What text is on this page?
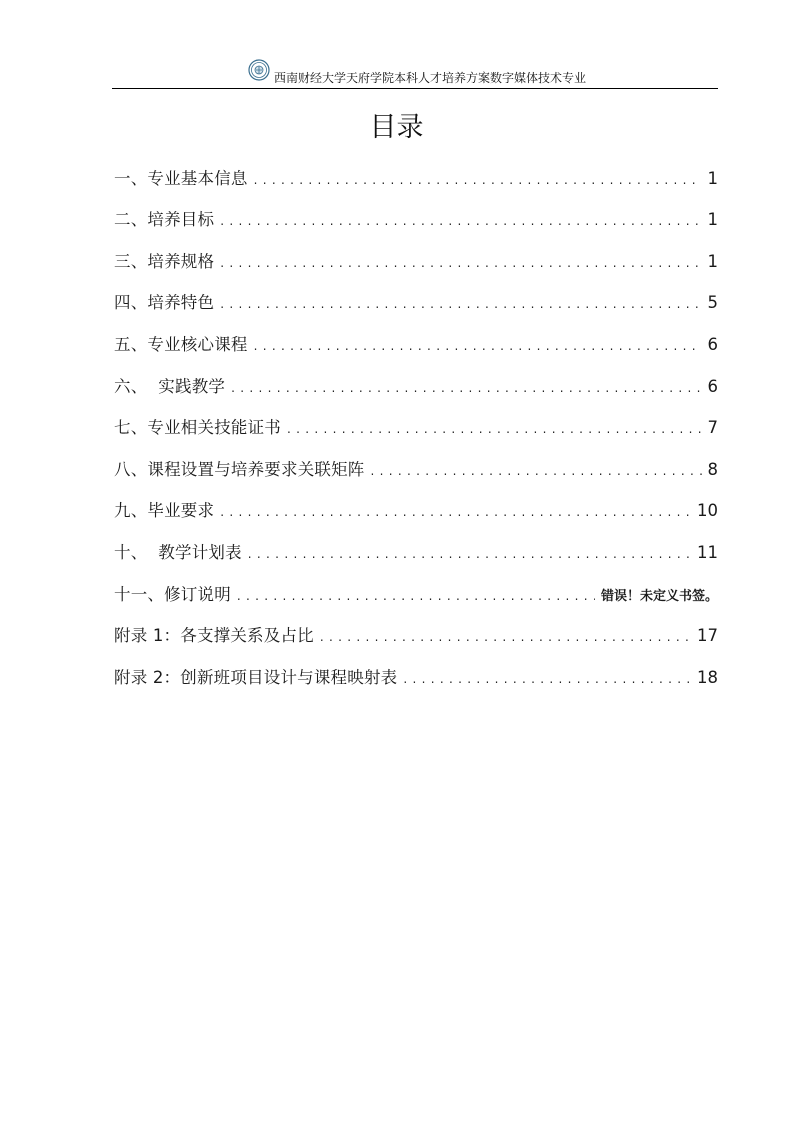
西南财经大学天府学院本科人才培养方案数字媒体技术专业
目录
一、专业基本信息 . . .	1
二、培养目标 . . .	1
三、培养规格 . . .	1
四、培养特色 . . .	5
五、专业核心课程 . . .	6
六、  实践教学 . . .	6
七、专业相关技能证书 . . .	7
八、课程设置与培养要求关联矩阵 . . .	8
九、毕业要求 . . .	10
十、  教学计划表 . . .	11
十一、修订说明 . . .	错误！未定义书签。
附录 1：各支撑关系及占比 . . .	17
附录 2：创新班项目设计与课程映射表 . . .	18
